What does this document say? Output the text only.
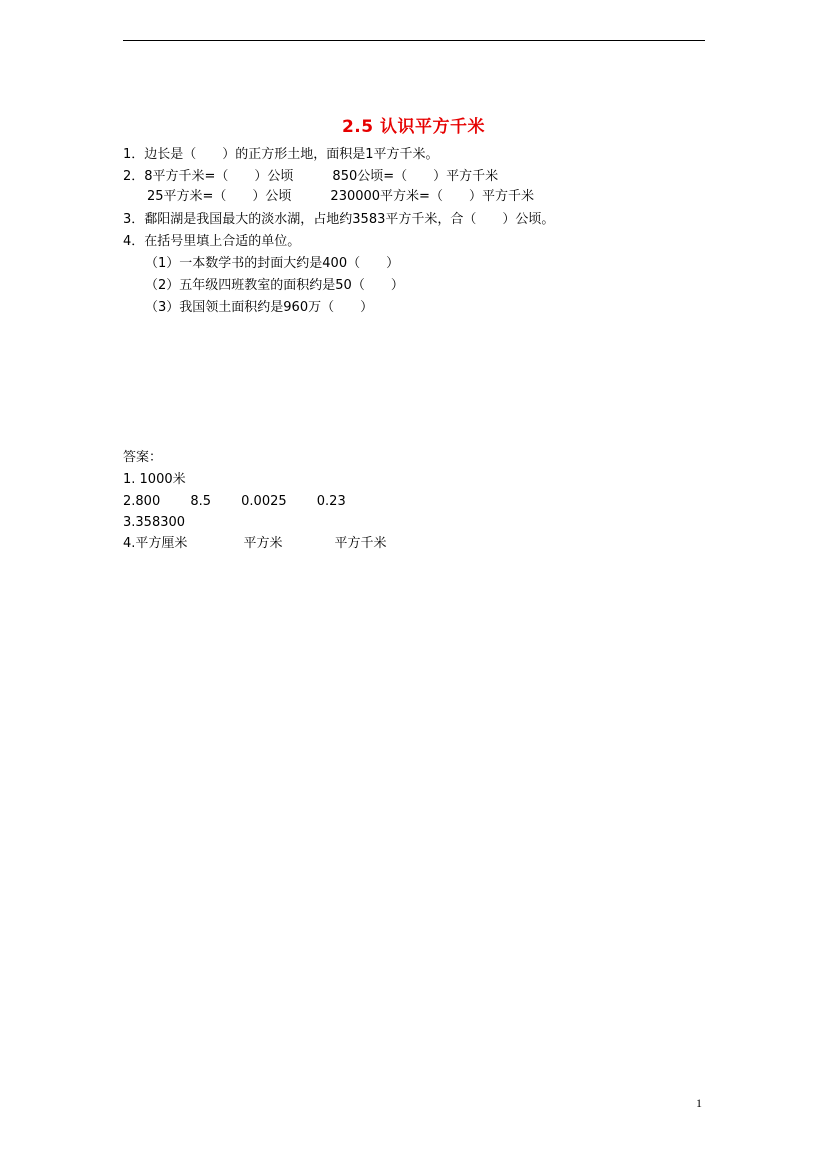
2.5 认识平方千米
1．边长是（　　）的正方形土地，面积是1平方千米。
2．8平方千米=（　　）公顷　　　850公顷=（　　）平方千米
25平方米=（　　）公顷　　　230000平方米=（　　）平方千米
3．鄱阳湖是我国最大的淡水湖，占地约3583平方千米，合（　　）公顷。
4．在括号里填上合适的单位。
（1）一本数学书的封面大约是400（　　）
（2）五年级四班教室的面积约是50（　　）
（3）我国领土面积约是960万（　　）
答案：
1. 1000米
2.800　　 8.5　　 0.0025　　 0.23
3.358300
4.平方厘米　　　　 平方米　　　　平方千米
1
